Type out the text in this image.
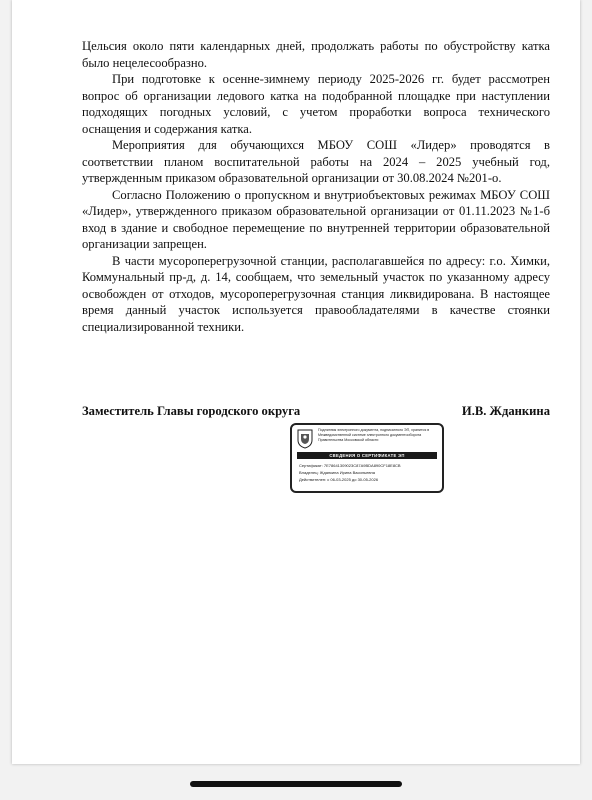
Цельсия около пяти календарных дней, продолжать работы по обустройству катка было нецелесообразно.

При подготовке к осенне-зимнему периоду 2025-2026 гг. будет рассмотрен вопрос об организации ледового катка на подобранной площадке при наступлении подходящих погодных условий, с учетом проработки вопроса технического оснащения и содержания катка.

Мероприятия для обучающихся МБОУ СОШ «Лидер» проводятся в соответствии планом воспитательной работы на 2024 – 2025 учебный год, утвержденным приказом образовательной организации от 30.08.2024 №201-о.

Согласно Положению о пропускном и внутриобъектовых режимах МБОУ СОШ «Лидер», утвержденного приказом образовательной организации от 01.11.2023 №1-б вход в здание и свободное перемещение по внутренней территории образовательной организации запрещен.

В части мусороперегрузочной станции, располагавшейся по адресу: г.о. Химки, Коммунальный пр-д, д. 14, сообщаем, что земельный участок по указанному адресу освобожден от отходов, мусороперегрузочная станция ликвидирована. В настоящее время данный участок используется правообладателями в качестве стоянки специализированной техники.

Заместитель Главы городского округа	И.В. Жданкина
Подлинник электронного документа, подписанного ЭП, хранится в Межведомственной системе электронного документооборота Правительства Московской области
СВЕДЕНИЯ О СЕРТИФИКАТЕ ЭП
Сертификат: 7E78641309023C87A9BDA890CF18E8CB
Владелец: Жданкина Ирина Васильевна
Действителен: с 06-03-2025 до 30-05-2026
